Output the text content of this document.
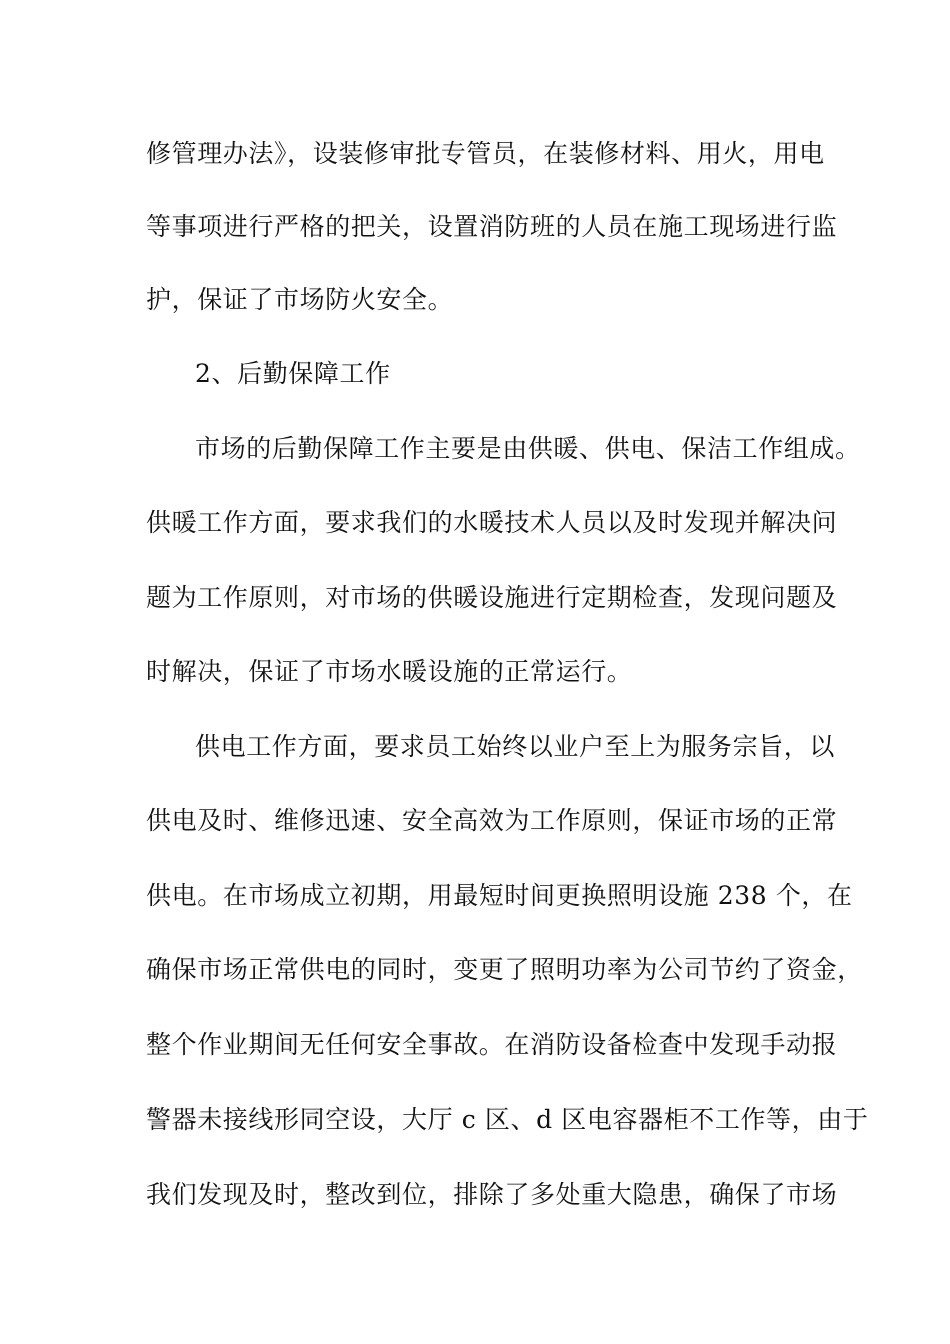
修管理办法》，设装修审批专管员，在装修材料、用火，用电
等事项进行严格的把关，设置消防班的人员在施工现场进行监
护，保证了市场防火安全。
2、后勤保障工作
市场的后勤保障工作主要是由供暖、供电、保洁工作组成。
供暖工作方面，要求我们的水暖技术人员以及时发现并解决问
题为工作原则，对市场的供暖设施进行定期检查，发现问题及
时解决，保证了市场水暖设施的正常运行。
供电工作方面，要求员工始终以业户至上为服务宗旨，以
供电及时、维修迅速、安全高效为工作原则，保证市场的正常
供电。在市场成立初期，用最短时间更换照明设施 238 个，在
确保市场正常供电的同时，变更了照明功率为公司节约了资金，
整个作业期间无任何安全事故。在消防设备检查中发现手动报
警器未接线形同空设，大厅 c 区、d 区电容器柜不工作等，由于
我们发现及时，整改到位，排除了多处重大隐患，确保了市场
